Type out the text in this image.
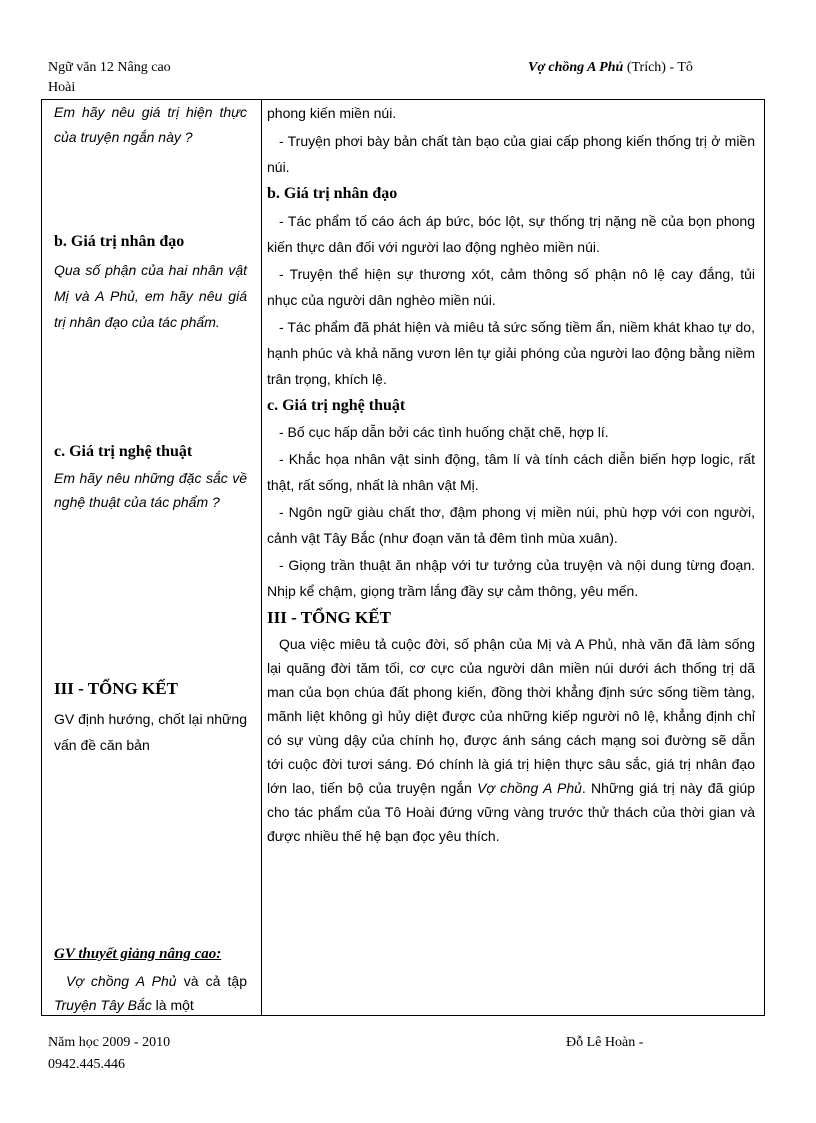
Ngữ văn 12 Nâng cao
Hoài
Vợ chồng A Phủ (Trích) - Tô
Em hãy nêu giá trị hiện thực của truyện ngắn này ?
b. Giá trị nhân đạo
Qua số phận của hai nhân vật Mị và A Phủ, em hãy nêu giá trị nhân đạo của tác phẩm.
c. Giá trị nghệ thuật
Em hãy nêu những đặc sắc về nghệ thuật của tác phẩm ?
III - TỔNG KẾT
GV định hướng, chốt lại những vấn đề căn bản
GV thuyết giảng nâng cao:
Vợ chồng A Phủ và cả tập Truyện Tây Bắc là một

phong kiến miền núi.
- Truyện phơi bày bản chất tàn bạo của giai cấp phong kiến thống trị ở miền núi.
b. Giá trị nhân đạo
- Tác phẩm tố cáo ách áp bức, bóc lột, sự thống trị nặng nề của bọn phong kiến thực dân đối với người lao động nghèo miền núi.
- Truyện thể hiện sự thương xót, cảm thông số phận nô lệ cay đắng, tủi nhục của người dân nghèo miền núi.
- Tác phẩm đã phát hiện và miêu tả sức sống tiềm ẩn, niềm khát khao tự do, hạnh phúc và khả năng vươn lên tự giải phóng của người lao động bằng niềm trân trọng, khích lệ.
c. Giá trị nghệ thuật
- Bố cục hấp dẫn bởi các tình huống chặt chẽ, hợp lí.
- Khắc họa nhân vật sinh động, tâm lí và tính cách diễn biến hợp logic, rất thật, rất sống, nhất là nhân vật Mị.
- Ngôn ngữ giàu chất thơ, đậm phong vị miền núi, phù hợp với con người, cảnh vật Tây Bắc (như đoạn văn tả đêm tình mùa xuân).
- Giọng trần thuật ăn nhập với tư tưởng của truyện và nội dung từng đoạn. Nhịp kể chậm, giọng trầm lắng đầy sự cảm thông, yêu mến.
III - TỔNG KẾT
Qua việc miêu tả cuộc đời, số phận của Mị và A Phủ, nhà văn đã làm sống lại quãng đời tăm tối, cơ cực của người dân miền núi dưới ách thống trị dã man của bọn chúa đất phong kiến, đồng thời khẳng định sức sống tiềm tàng, mãnh liệt không gì hủy diệt được của những kiếp người nô lệ, khẳng định chỉ có sự vùng dậy của chính họ, được ánh sáng cách mạng soi đường sẽ dẫn tới cuộc đời tươi sáng. Đó chính là giá trị hiện thực sâu sắc, giá trị nhân đạo lớn lao, tiến bộ của truyện ngắn Vợ chồng A Phủ. Những giá trị này đã giúp cho tác phẩm của Tô Hoài đứng vững vàng trước thử thách của thời gian và được nhiều thế hệ bạn đọc yêu thích.
Năm học 2009 - 2010
0942.445.446
Đỗ Lê Hoàn -
